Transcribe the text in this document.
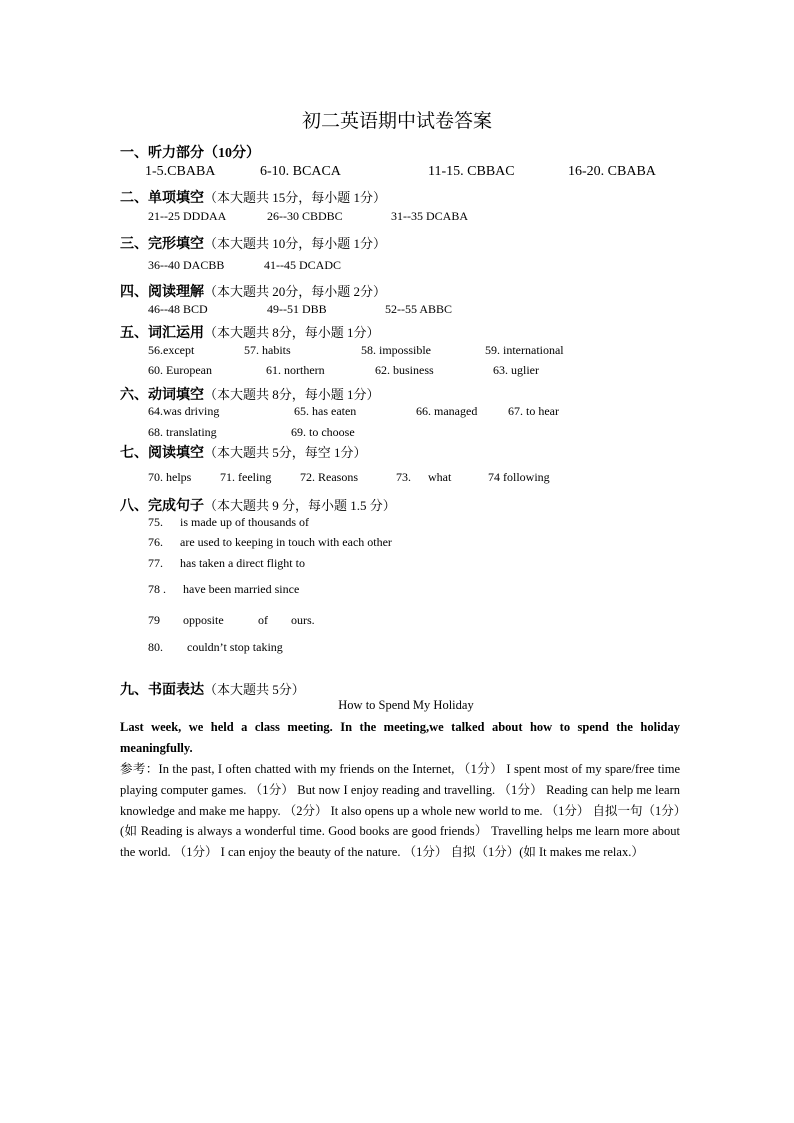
初二英语期中试卷答案
一、听力部分（10分）
1-5.CBABA	6-10. BCACA	11-15. CBBAC	16-20. CBABA
二、单项填空（本大题共 15分，每小题 1分）
21--25 DDDAA	26--30 CBDBC	31--35 DCABA
三、完形填空（本大题共 10分，每小题 1分）
36--40 DACBB	41--45 DCADC
四、阅读理解（本大题共 20分，每小题 2分）
46--48 BCD	49--51 DBB	52--55 ABBC
五、词汇运用（本大题共 8分，每小题 1分）
56.except	57. habits	58. impossible	59. international
60. European	61. northern	62. business	63. uglier
六、动词填空（本大题共 8分，每小题 1分）
64.was driving	65. has eaten	66. managed	67. to hear
68. translating	69. to choose
七、阅读填空（本大题共 5分，每空 1分）
70. helps 71. feeling 72. Reasons	73. what	74 following
八、完成句子（本大题共 9 分，每小题 1.5 分）
75. is made up of thousands of
76. are used to keeping in touch with each other
77. has taken a direct flight to
78 . have been married since
79 opposite	of ours.
80. couldn’t stop taking
九、书面表达（本大题共 5分）
How to Spend My Holiday
Last week, we held a class meeting. In the meeting,we talked about how to spend the holiday meaningfully.
参考：In the past, I often chatted with my friends on the Internet, （1分） I spent most of my spare/free time playing computer games. （1分） But now I enjoy reading and travelling. （1分） Reading can help me learn knowledge and make me happy. （2分） It also opens up a whole new world to me. （1分） 自拟一句（1分）(如 Reading is always a wonderful time. Good books are good friends） Travelling helps me learn more about the world. （1分） I can enjoy the beauty of the nature. （1分） 自拟（1分）(如 It makes me relax.）
